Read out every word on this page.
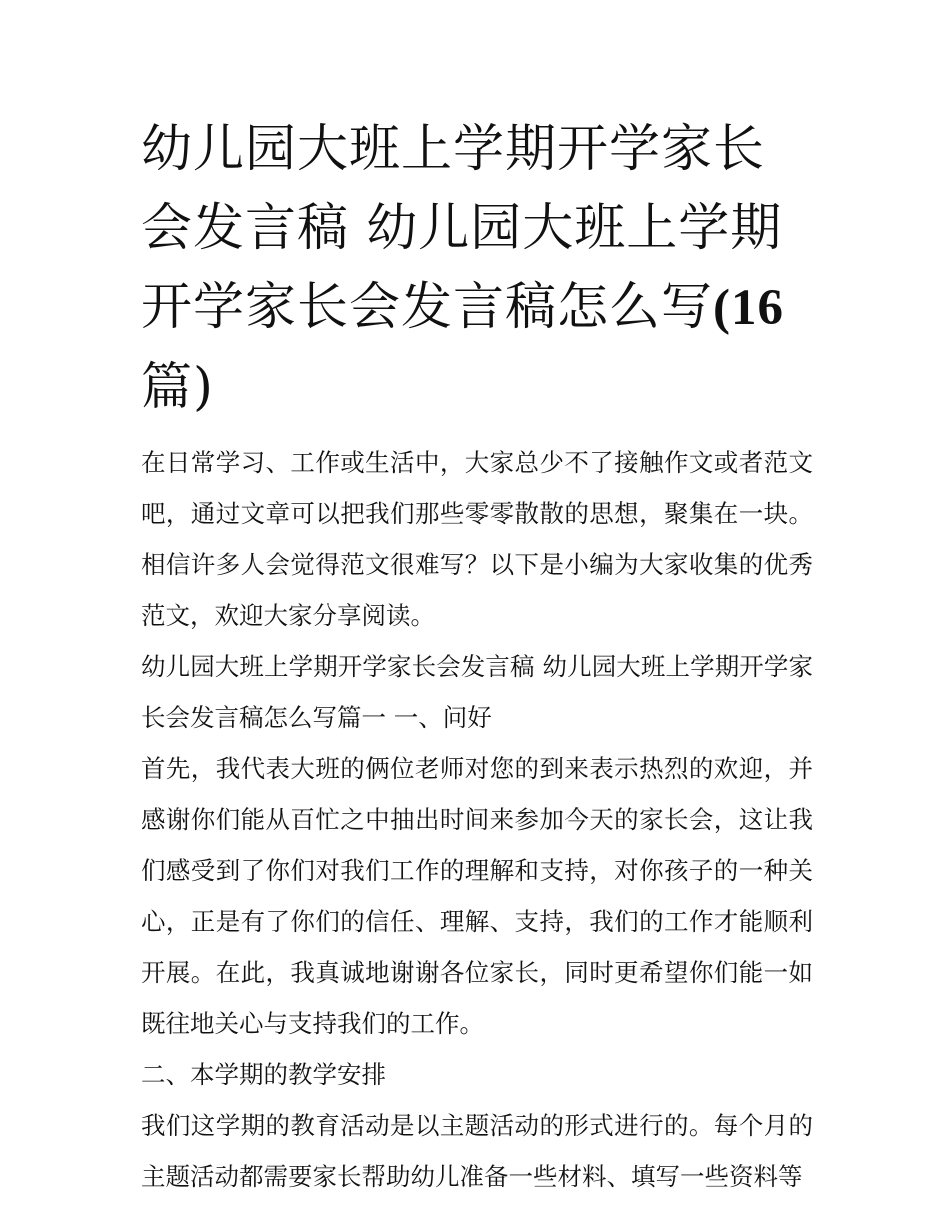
幼儿园大班上学期开学家长会发言稿 幼儿园大班上学期开学家长会发言稿怎么写(16 篇)

在日常学习、工作或生活中，大家总少不了接触作文或者范文吧，通过文章可以把我们那些零零散散的思想，聚集在一块。相信许多人会觉得范文很难写？以下是小编为大家收集的优秀范文，欢迎大家分享阅读。

幼儿园大班上学期开学家长会发言稿 幼儿园大班上学期开学家长会发言稿怎么写篇一 一、问好

首先，我代表大班的俩位老师对您的到来表示热烈的欢迎，并感谢你们能从百忙之中抽出时间来参加今天的家长会，这让我们感受到了你们对我们工作的理解和支持，对你孩子的一种关心，正是有了你们的信任、理解、支持，我们的工作才能顺利开展。在此，我真诚地谢谢各位家长，同时更希望你们能一如既往地关心与支持我们的工作。

二、本学期的教学安排

我们这学期的教育活动是以主题活动的形式进行的。每个月的主题活动都需要家长帮助幼儿准备一些材料、填写一些资料等
